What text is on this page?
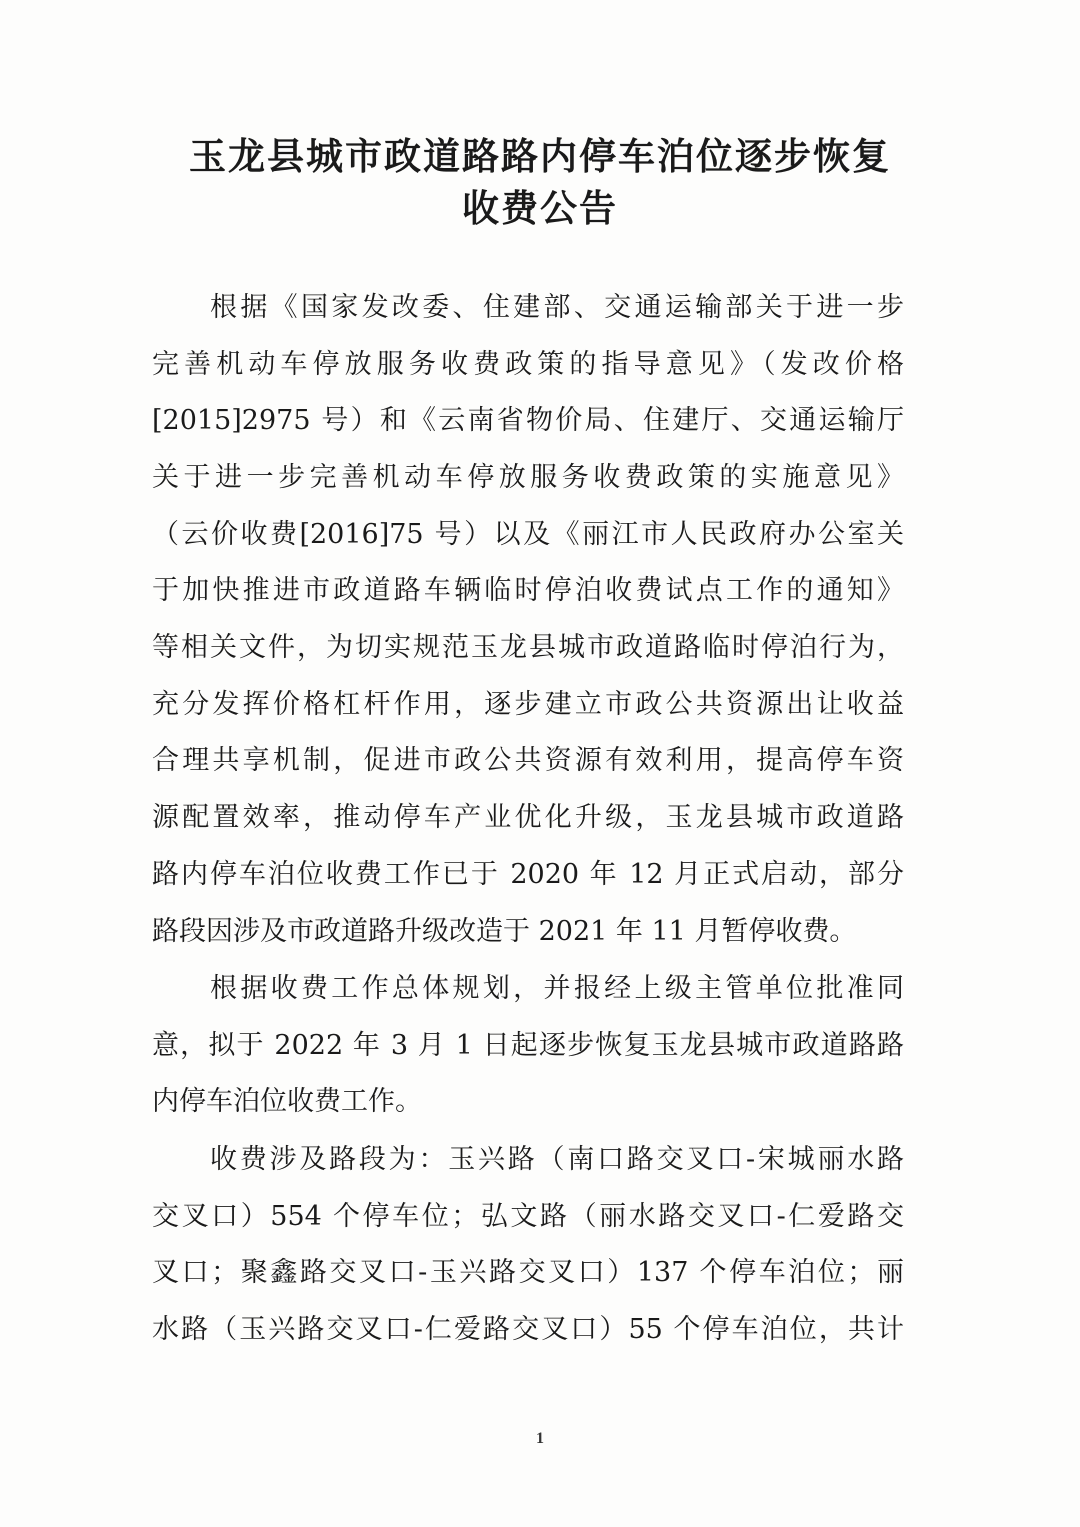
玉龙县城市政道路路内停车泊位逐步恢复
收费公告

根据《国家发改委、住建部、交通运输部关于进一步

完善机动车停放服务收费政策的指导意见》（发改价格

[2015]2975 号）和《云南省物价局、住建厅、交通运输厅

关于进一步完善机动车停放服务收费政策的实施意见》

（云价收费[2016]75 号）以及《丽江市人民政府办公室关

于加快推进市政道路车辆临时停泊收费试点工作的通知》

等相关文件，为切实规范玉龙县城市政道路临时停泊行为，

充分发挥价格杠杆作用，逐步建立市政公共资源出让收益

合理共享机制，促进市政公共资源有效利用，提高停车资

源配置效率，推动停车产业优化升级，玉龙县城市政道路

路内停车泊位收费工作已于 2020 年 12 月正式启动，部分

路段因涉及市政道路升级改造于 2021 年 11 月暂停收费。

根据收费工作总体规划，并报经上级主管单位批准同

意，拟于 2022 年 3 月 1 日起逐步恢复玉龙县城市政道路路

内停车泊位收费工作。

收费涉及路段为：玉兴路（南口路交叉口-宋城丽水路

交叉口）554 个停车位；弘文路（丽水路交叉口-仁爱路交

叉口；聚鑫路交叉口-玉兴路交叉口）137 个停车泊位；丽

水路（玉兴路交叉口-仁爱路交叉口）55 个停车泊位，共计

1
